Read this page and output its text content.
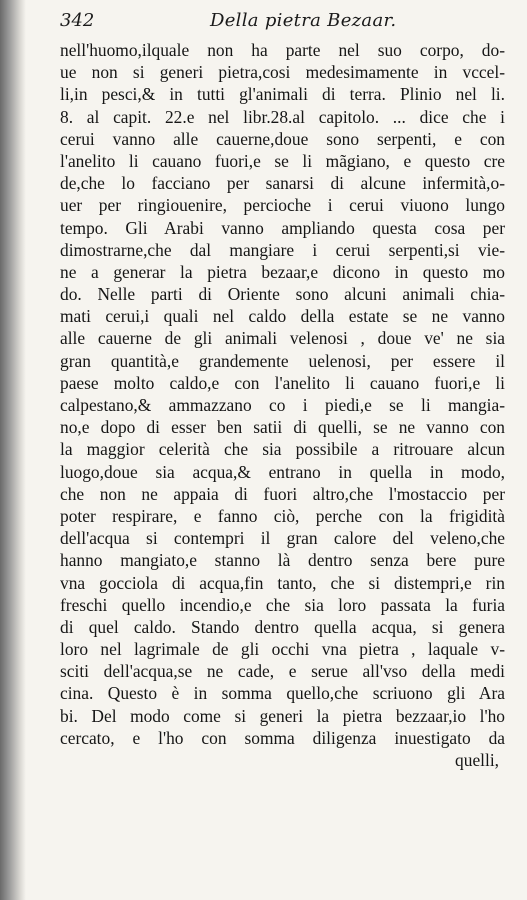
342	Della pietra Bezaar.
nell'huomo,ilquale non ha parte nel suo corpo, do-
ue non si generi pietra,cosi medesimamente in vccel-
li,in pesci,& in tutti gl'animali di terra. Plinio nel li.
8. al capit. 22.e nel libr.28.al capitolo. ... dice che i
cerui vanno alle cauerne,doue sono serpenti, e con
l'anelito li cauano fuori,e se li mãgiano, e questo cre
de,che lo facciano per sanarsi di alcune infermità,o-
uer per ringiouenire, percioche i cerui viuono lungo
tempo. Gli Arabi vanno ampliando questa cosa per
dimostrarne,che dal mangiare i cerui serpenti,si vie-
ne a generar la pietra bezaar,e dicono in questo mo
do. Nelle parti di Oriente sono alcuni animali chia-
mati cerui,i quali nel caldo della estate se ne vanno
alle cauerne de gli animali velenosi , doue ve' ne sia
gran quantità,e grandemente uelenosi, per essere il
paese molto caldo,e con l'anelito li cauano fuori,e li
calpestano,& ammazzano co i piedi,e se li mangia-
no,e dopo di esser ben satii di quelli, se ne vanno con
la maggior celerità che sia possibile a ritrouare alcun
luogo,doue sia acqua,& entrano in quella in modo,
che non ne appaia di fuori altro,che l'mostaccio per
poter respirare, e fanno ciò, perche con la frigidità
dell'acqua si contempri il gran calore del veleno,che
hanno mangiato,e stanno là dentro senza bere pure
vna gocciola di acqua,fin tanto, che si distempri,e rin
freschi quello incendio,e che sia loro passata la furia
di quel caldo. Stando dentro quella acqua, si genera
loro nel lagrimale de gli occhi vna pietra , laquale v-
sciti dell'acqua,se ne cade, e serue all'vso della medi
cina. Questo è in somma quello,che scriuono gli Ara
bi. Del modo come si generi la pietra bezzaar,io l'ho
cercato, e l'ho con somma diligenza inuestigato da
quelli,
